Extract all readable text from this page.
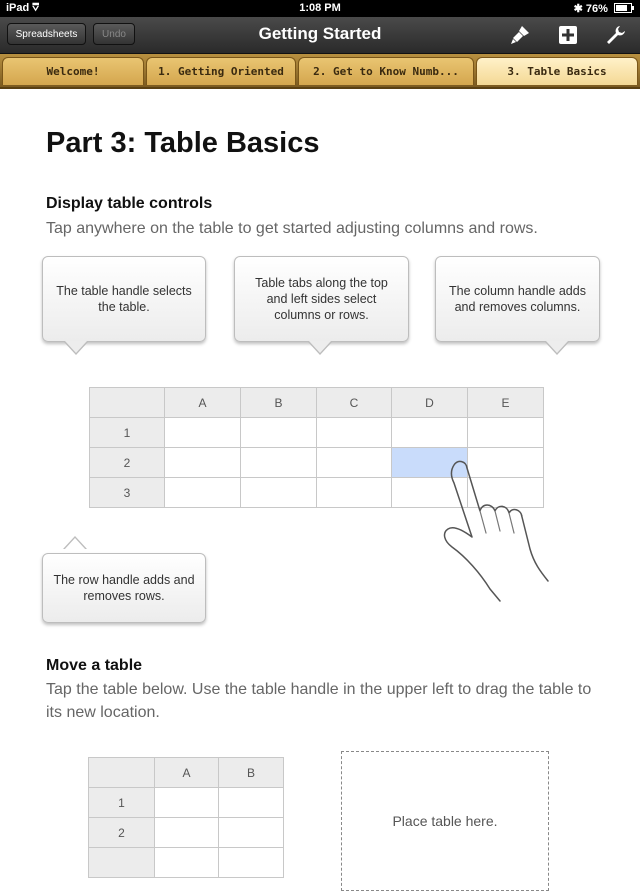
iPad ⩢	1:08 PM	✱ 76%
Spreadsheets	Undo	Getting Started
Welcome!	1. Getting Oriented	2. Get to Know Numb...	3. Table Basics
Part 3: Table Basics
Display table controls
Tap anywhere on the table to get started adjusting columns and rows.
The table handle selects the table.
Table tabs along the top and left sides select columns or rows.
The column handle adds and removes columns.
	A	B	C	D	E
1					
2					
3					
The row handle adds and removes rows.
Move a table
Tap the table below. Use the table handle in the upper left to drag the table to its new location.
	A	B
1		
2		

Place table here.
